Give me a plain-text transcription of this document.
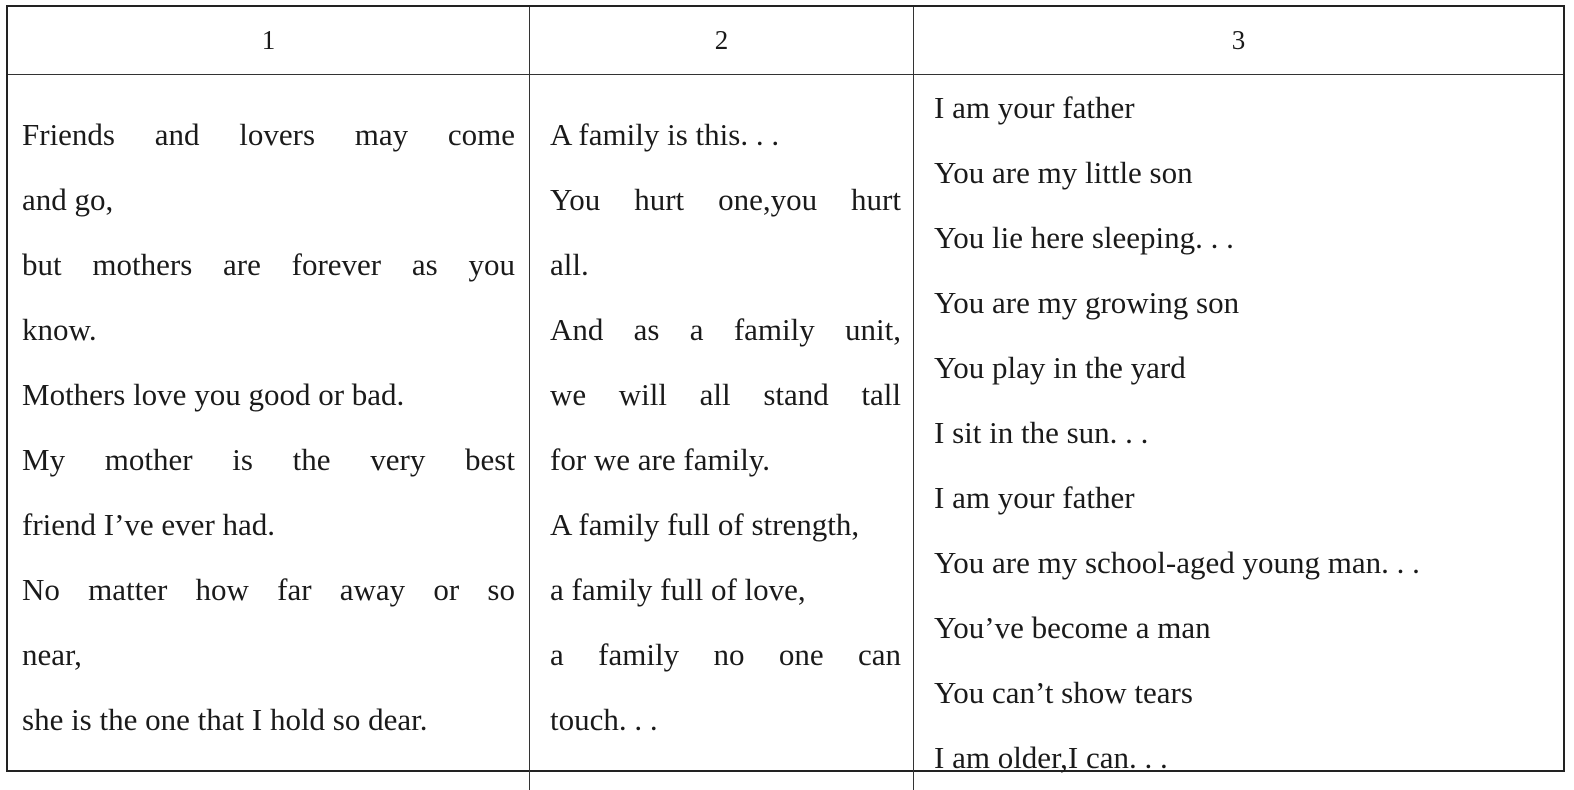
1	2	3
Friends and lovers may come
and go,
but mothers are forever as you
know.
Mothers love you good or bad.
My mother is the very best
friend I’ve ever had.
No matter how far away or so
near,
she is the one that I hold so dear.
A family is this. . .
You hurt one,you hurt
all.
And as a family unit,
we will all stand tall
for we are family.
A family full of strength,
a family full of love,
a family no one can
touch. . .
I am your father
You are my little son
You lie here sleeping. . .
You are my growing son
You play in the yard
I sit in the sun. . .
I am your father
You are my school-aged young man. . .
You’ve become a man
You can’t show tears
I am older,I can. . .
